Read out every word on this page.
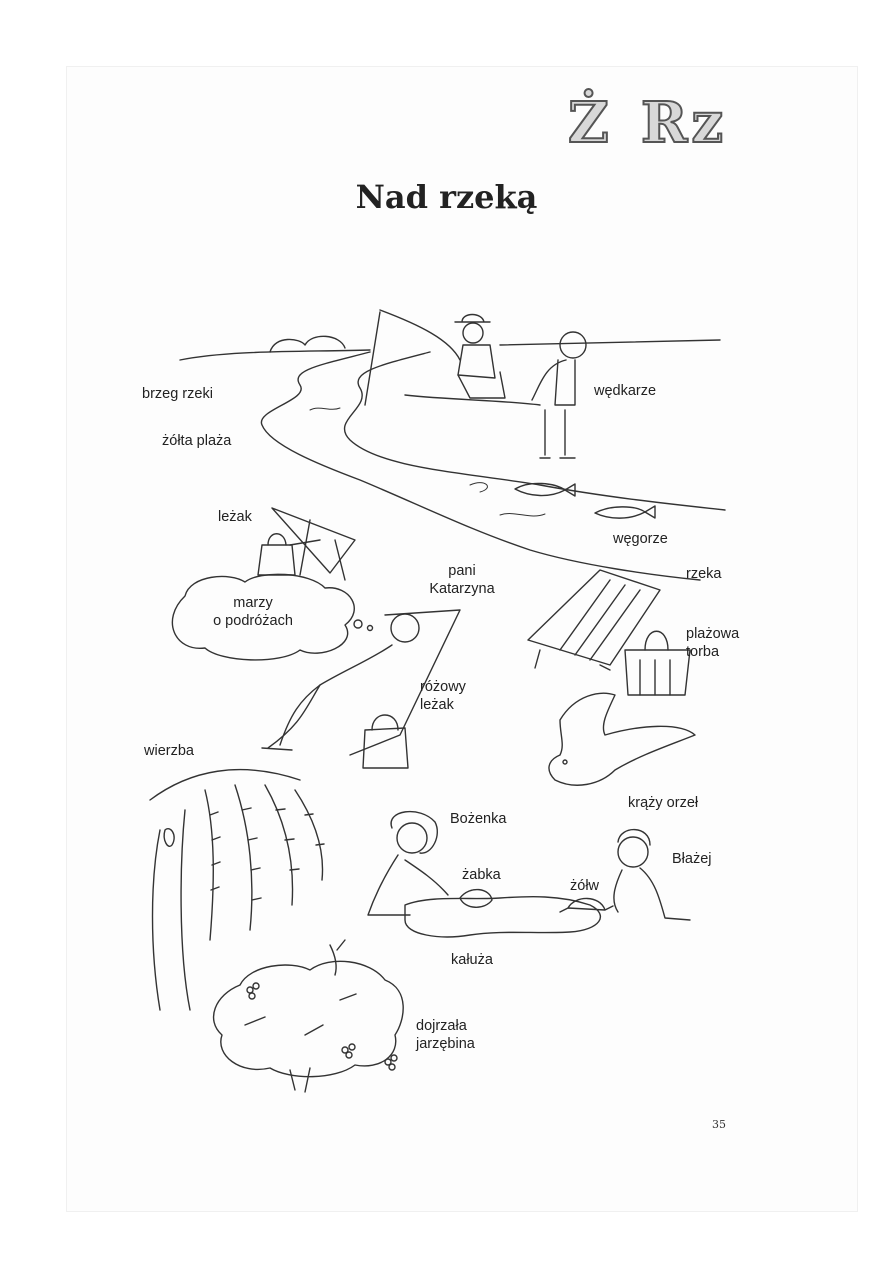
Ż Rz
Nad rzeką
brzeg rzeki
żółta plaża
wędkarze
leżak
węgorze
pani
Katarzyna
rzeka
marzy
o podróżach
plażowa
torba
różowy
leżak
wierzba
krąży orzeł
Bożenka
żabka
żółw
Błażej
kałuża
dojrzała
jarzębina
35
